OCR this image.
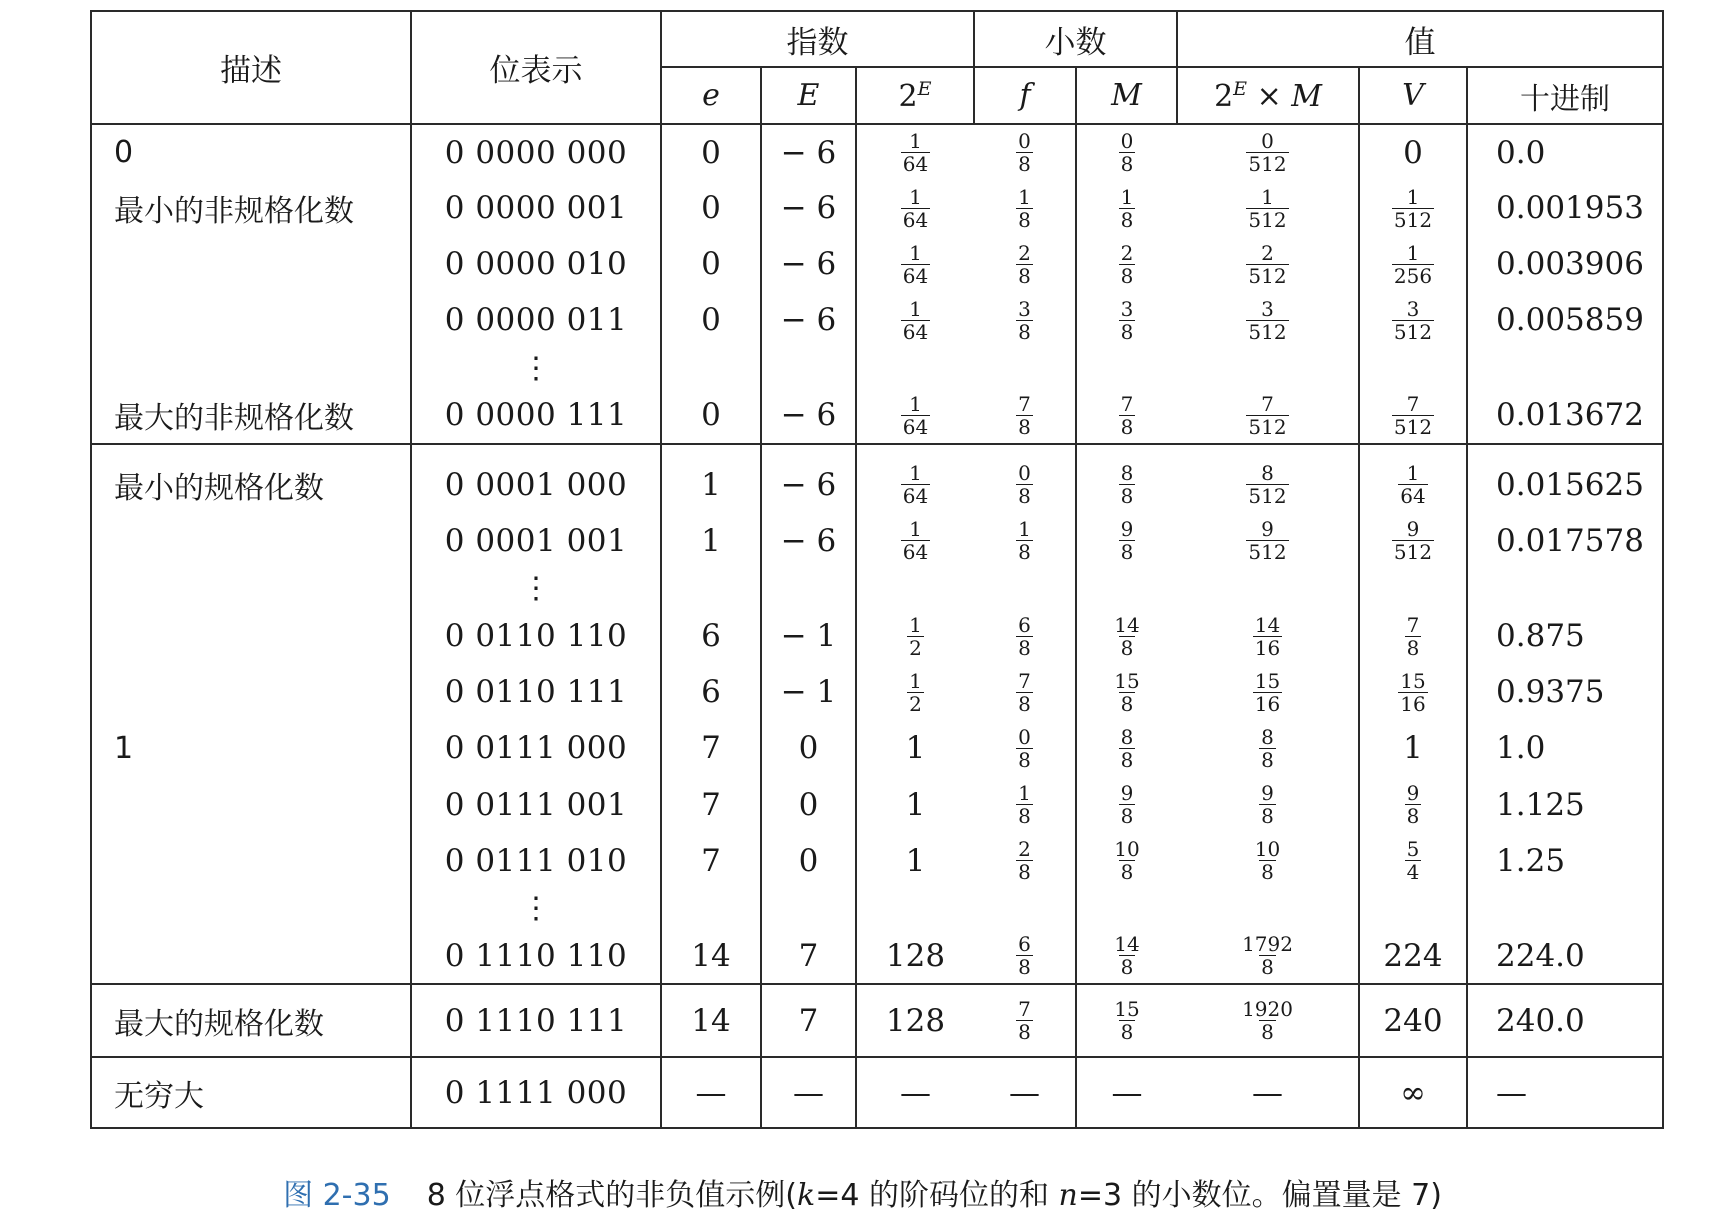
描述	位表示	指数			小数		值		
		e	E	$2^E$	f	M	$2^E \times M$	V	十进制
0	0 0000 000	0	− 6	$\frac{1}{64}$	$\frac{0}{8}$	$\frac{0}{8}$	$\frac{0}{512}$	0	0.0
最小的非规格化数	0 0000 001	0	− 6	$\frac{1}{64}$	$\frac{1}{8}$	$\frac{1}{8}$	$\frac{1}{512}$	$\frac{1}{512}$	0.001953
	0 0000 010	0	− 6	$\frac{1}{64}$	$\frac{2}{8}$	$\frac{2}{8}$	$\frac{2}{512}$	$\frac{1}{256}$	0.003906
	0 0000 011	0	− 6	$\frac{1}{64}$	$\frac{3}{8}$	$\frac{3}{8}$	$\frac{3}{512}$	$\frac{3}{512}$	0.005859
	⋮								
最大的非规格化数	0 0000 111	0	− 6	$\frac{1}{64}$	$\frac{7}{8}$	$\frac{7}{8}$	$\frac{7}{512}$	$\frac{7}{512}$	0.013672

最小的规格化数	0 0001 000	1	− 6	$\frac{1}{64}$	$\frac{0}{8}$	$\frac{8}{8}$	$\frac{8}{512}$	$\frac{1}{64}$	0.015625
	0 0001 001	1	− 6	$\frac{1}{64}$	$\frac{1}{8}$	$\frac{9}{8}$	$\frac{9}{512}$	$\frac{9}{512}$	0.017578
	⋮								
	0 0110 110	6	− 1	$\frac{1}{2}$	$\frac{6}{8}$	$\frac{14}{8}$	$\frac{14}{16}$	$\frac{7}{8}$	0.875
	0 0110 111	6	− 1	$\frac{1}{2}$	$\frac{7}{8}$	$\frac{15}{8}$	$\frac{15}{16}$	$\frac{15}{16}$	0.9375
1	0 0111 000	7	0	1	$\frac{0}{8}$	$\frac{8}{8}$	$\frac{8}{8}$	1	1.0
	0 0111 001	7	0	1	$\frac{1}{8}$	$\frac{9}{8}$	$\frac{9}{8}$	$\frac{9}{8}$	1.125
	0 0111 010	7	0	1	$\frac{2}{8}$	$\frac{10}{8}$	$\frac{10}{8}$	$\frac{5}{4}$	1.25
	⋮								
	0 1110 110	14	7	128	$\frac{6}{8}$	$\frac{14}{8}$	$\frac{1792}{8}$	224	224.0
最大的规格化数	0 1110 111	14	7	128	$\frac{7}{8}$	$\frac{15}{8}$	$\frac{1920}{8}$	240	240.0
无穷大	0 1111 000	—	—	—	—	—	—	∞	—
图 2-35 8 位浮点格式的非负值示例(k=4 的阶码位的和 n=3 的小数位。偏置量是 7)
